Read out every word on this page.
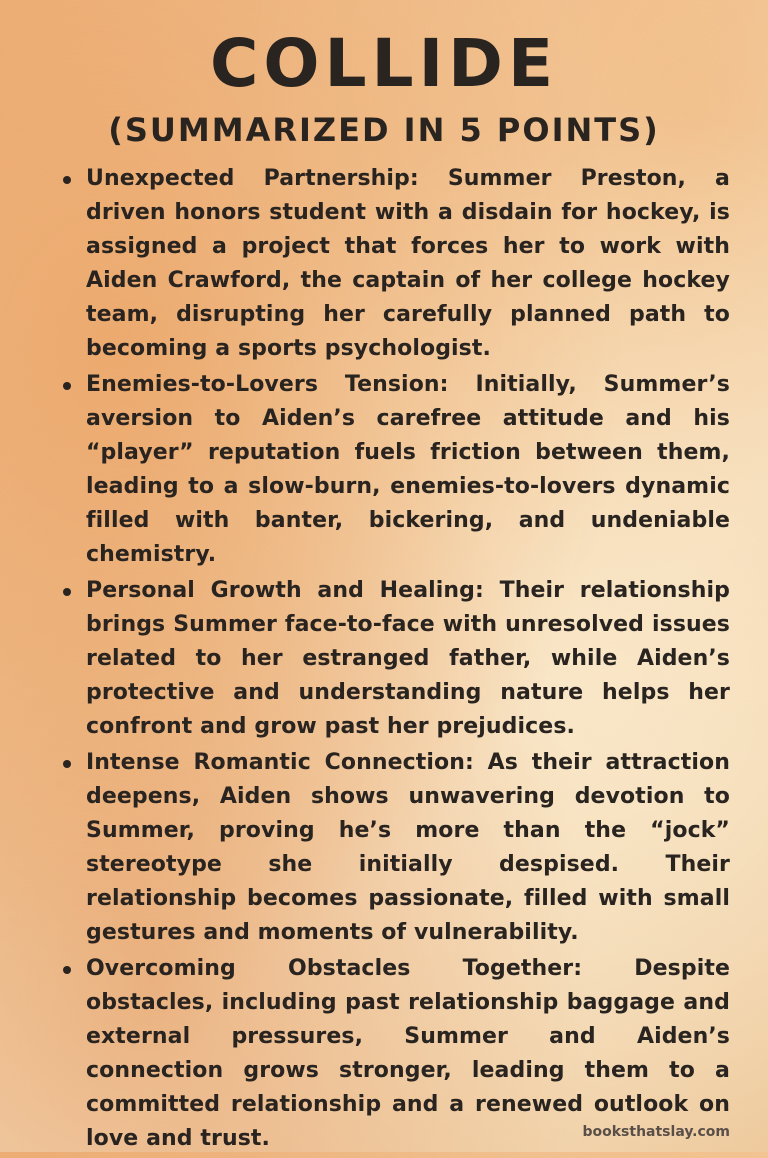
COLLIDE
(SUMMARIZED IN 5 POINTS)
Unexpected Partnership: Summer Preston, a driven honors student with a disdain for hockey, is assigned a project that forces her to work with Aiden Crawford, the captain of her college hockey team, disrupting her carefully planned path to becoming a sports psychologist.
Enemies-to-Lovers Tension: Initially, Summer’s aversion to Aiden’s carefree attitude and his “player” reputation fuels friction between them, leading to a slow-burn, enemies-to-lovers dynamic filled with banter, bickering, and undeniable chemistry.
Personal Growth and Healing: Their relationship brings Summer face-to-face with unresolved issues related to her estranged father, while Aiden’s protective and understanding nature helps her confront and grow past her prejudices.
Intense Romantic Connection: As their attraction deepens, Aiden shows unwavering devotion to Summer, proving he’s more than the “jock” stereotype she initially despised. Their relationship becomes passionate, filled with small gestures and moments of vulnerability.
Overcoming Obstacles Together: Despite obstacles, including past relationship baggage and external pressures, Summer and Aiden’s connection grows stronger, leading them to a committed relationship and a renewed outlook on love and trust.	booksthatslay.com
